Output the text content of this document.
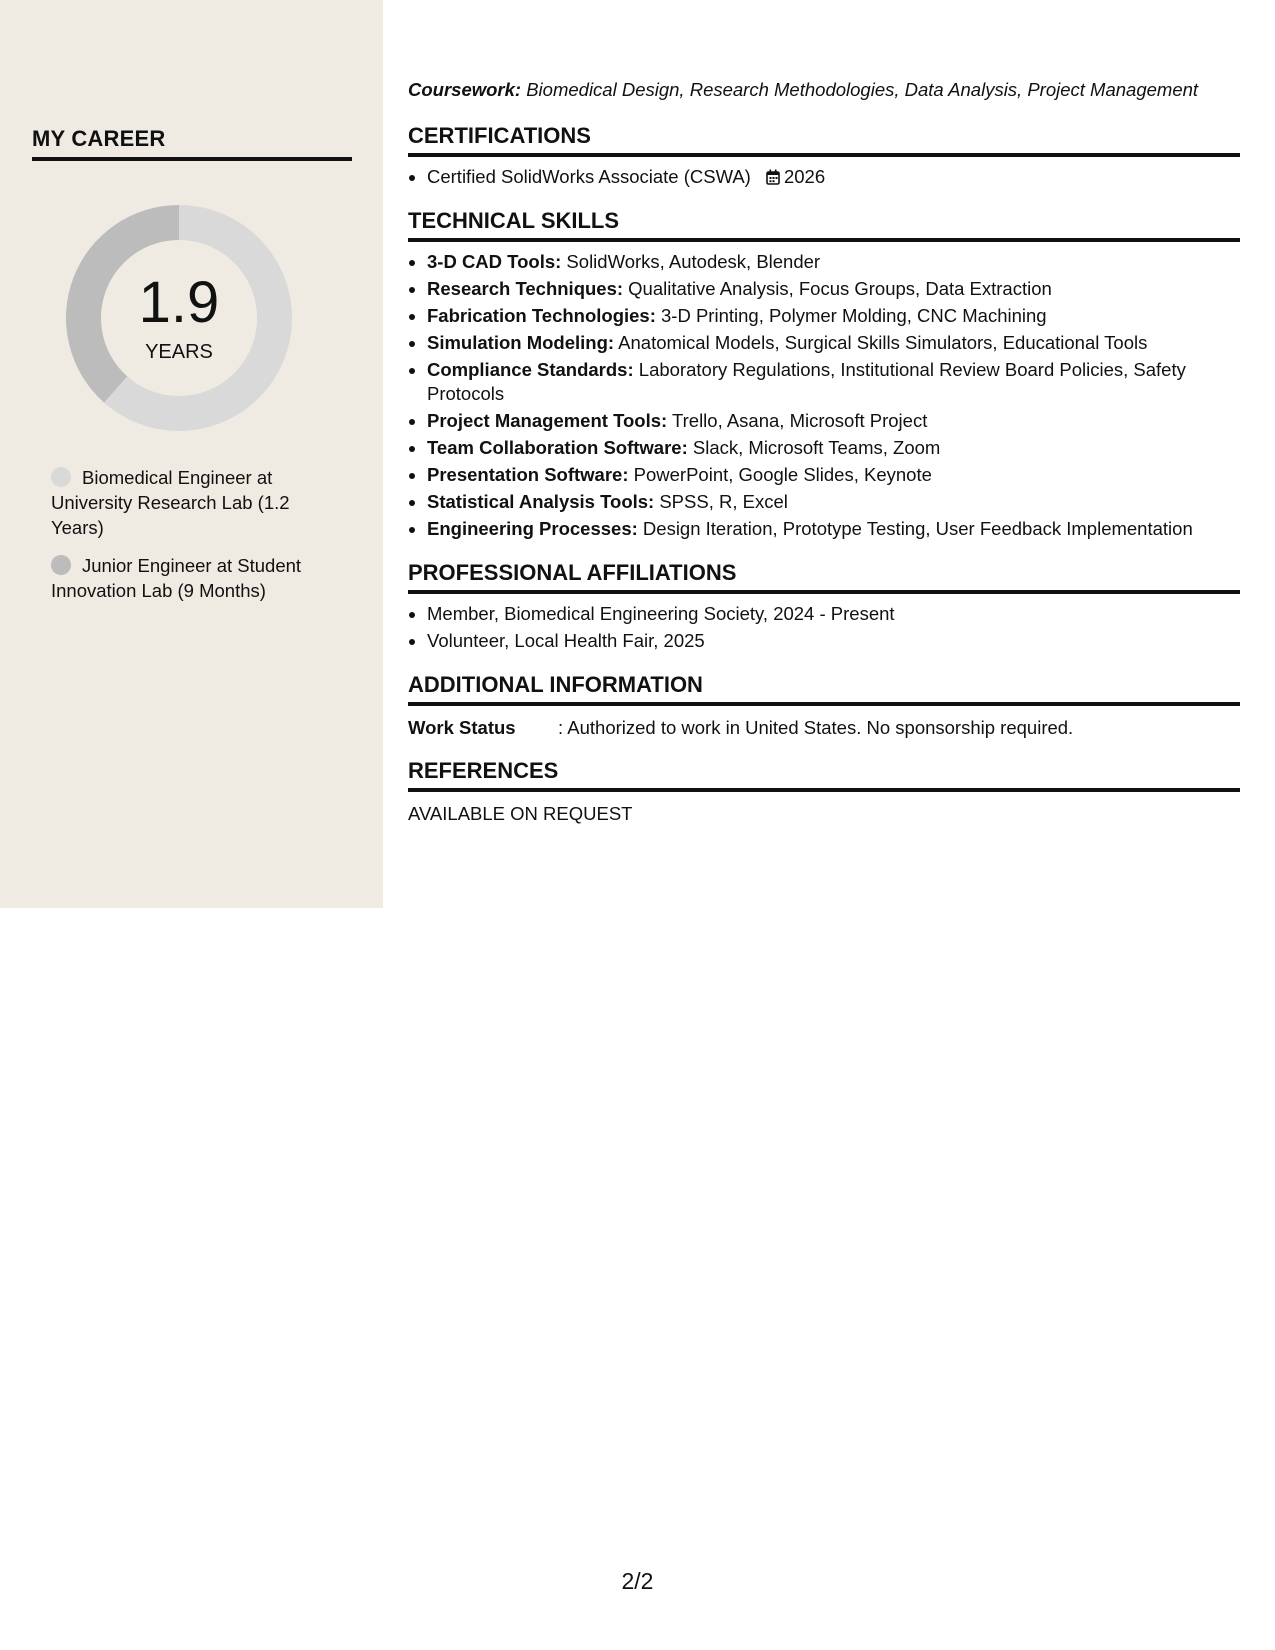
MY CAREER
1.9
YEARS
Biomedical Engineer at University Research Lab (1.2 Years)
Junior Engineer at Student Innovation Lab (9 Months)

Coursework: Biomedical Design, Research Methodologies, Data Analysis, Project Management

CERTIFICATIONS
• Certified SolidWorks Associate (CSWA) 2026
TECHNICAL SKILLS
• 3-D CAD Tools: SolidWorks, Autodesk, Blender
• Research Techniques: Qualitative Analysis, Focus Groups, Data Extraction
• Fabrication Technologies: 3-D Printing, Polymer Molding, CNC Machining
• Simulation Modeling: Anatomical Models, Surgical Skills Simulators, Educational Tools
• Compliance Standards: Laboratory Regulations, Institutional Review Board Policies, Safety Protocols
• Project Management Tools: Trello, Asana, Microsoft Project
• Team Collaboration Software: Slack, Microsoft Teams, Zoom
• Presentation Software: PowerPoint, Google Slides, Keynote
• Statistical Analysis Tools: SPSS, R, Excel
• Engineering Processes: Design Iteration, Prototype Testing, User Feedback Implementation
PROFESSIONAL AFFILIATIONS
• Member, Biomedical Engineering Society, 2024 - Present
• Volunteer, Local Health Fair, 2025
ADDITIONAL INFORMATION
Work Status	: Authorized to work in United States. No sponsorship required.
REFERENCES

AVAILABLE ON REQUEST

2/2
